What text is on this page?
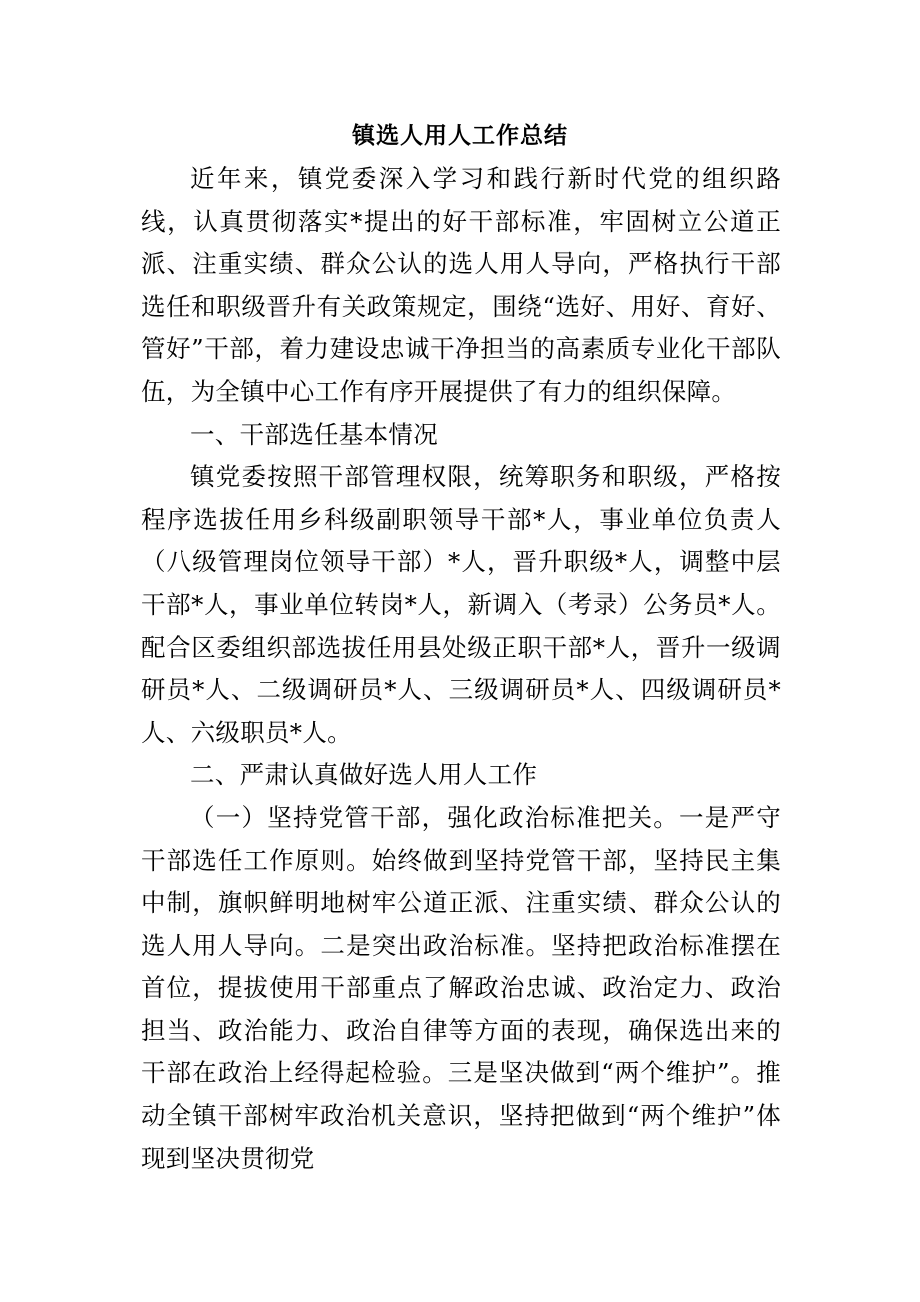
镇选人用人工作总结

近年来，镇党委深入学习和践行新时代党的组织路线，认真贯彻落实*提出的好干部标准，牢固树立公道正派、注重实绩、群众公认的选人用人导向，严格执行干部选任和职级晋升有关政策规定，围绕“选好、用好、育好、管好”干部，着力建设忠诚干净担当的高素质专业化干部队伍，为全镇中心工作有序开展提供了有力的组织保障。

一、干部选任基本情况

镇党委按照干部管理权限，统筹职务和职级，严格按程序选拔任用乡科级副职领导干部*人，事业单位负责人（八级管理岗位领导干部）*人，晋升职级*人，调整中层干部*人，事业单位转岗*人，新调入（考录）公务员*人。配合区委组织部选拔任用县处级正职干部*人，晋升一级调研员*人、二级调研员*人、三级调研员*人、四级调研员*人、六级职员*人。

二、严肃认真做好选人用人工作

（一）坚持党管干部，强化政治标准把关。一是严守干部选任工作原则。始终做到坚持党管干部，坚持民主集中制，旗帜鲜明地树牢公道正派、注重实绩、群众公认的选人用人导向。二是突出政治标准。坚持把政治标准摆在首位，提拔使用干部重点了解政治忠诚、政治定力、政治担当、政治能力、政治自律等方面的表现，确保选出来的干部在政治上经得起检验。三是坚决做到“两个维护”。推动全镇干部树牢政治机关意识，坚持把做到“两个维护”体现到坚决贯彻党
